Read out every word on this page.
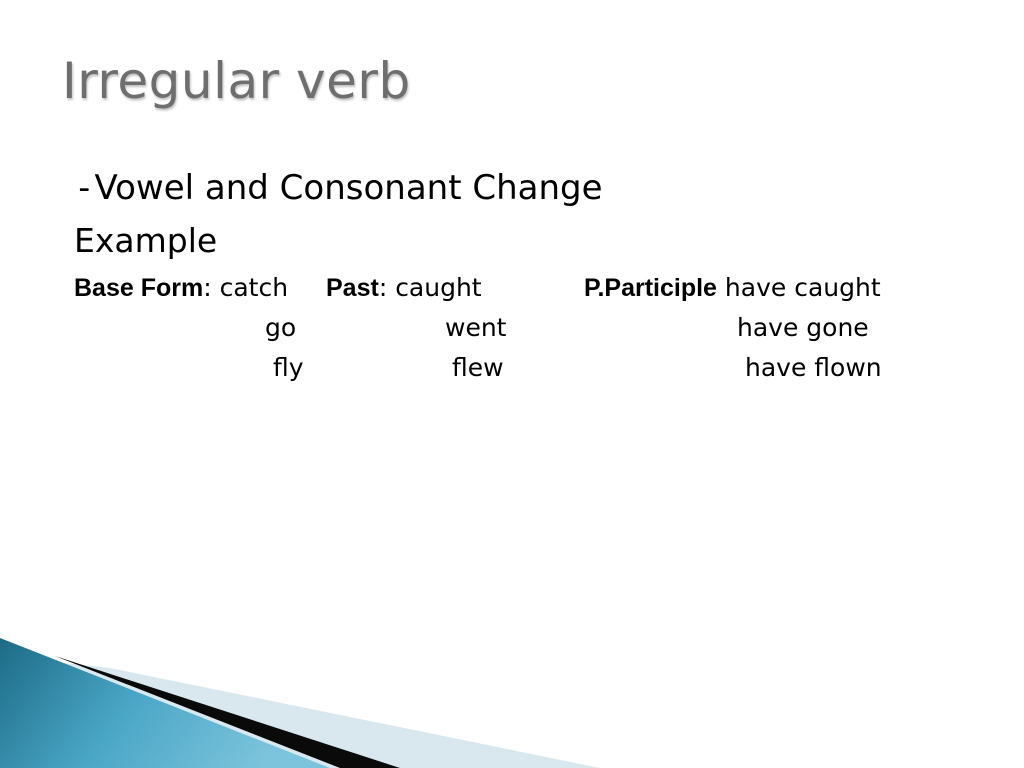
Irregular verb
-Vowel and Consonant Change
Example
Base Form: catch Past: caught	P.Participle have caught
go	went	have gone
fly	flew	have flown
